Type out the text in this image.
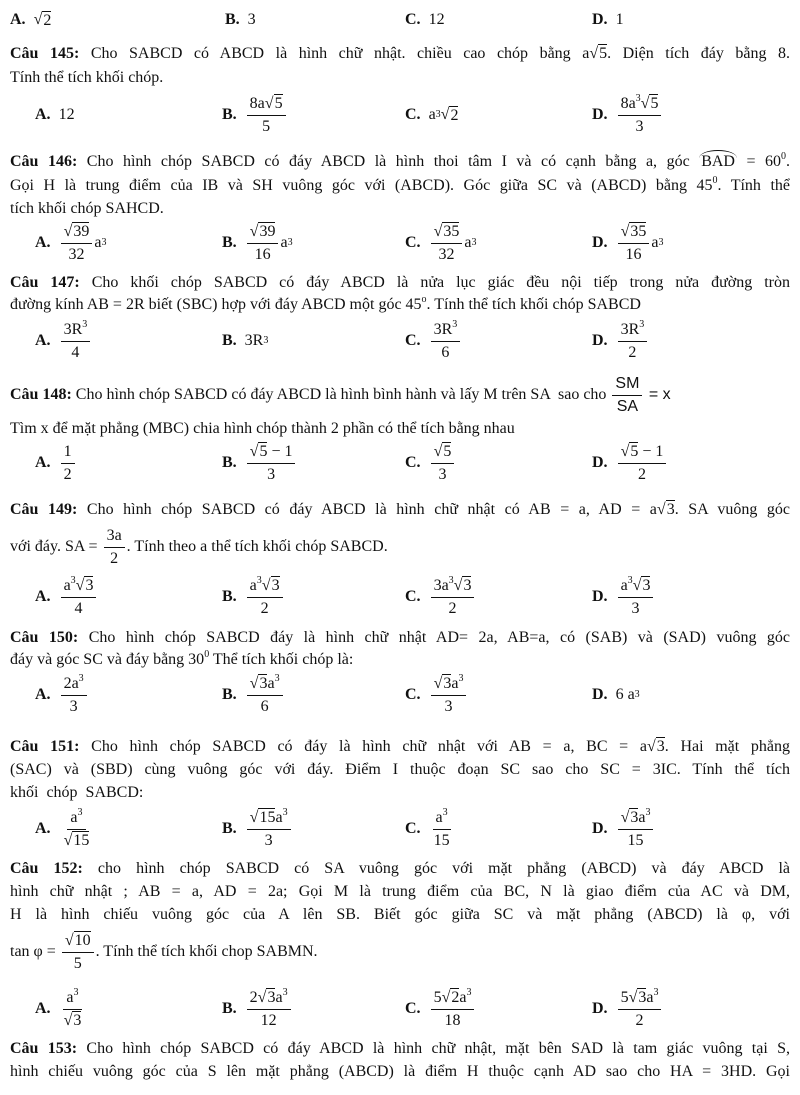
A. √ 2	B. 3	C. 12	D. 1
Câu 145: Cho SABCD có ABCD là hình chữ nhật. chiều cao chóp bằng a√5. Diện tích đáy bằng 8.
Tính thể tích khối chóp.
A. 12	B. $\frac{8a√5}{5}$	C. a 3 √ 2	D. $\frac{8a^3√5}{3}$
Câu 146: Cho hình chóp SABCD có đáy ABCD là hình thoi tâm I và có cạnh bằng a, góc BAD = $60^0$.
Gọi H là trung điểm của IB và SH vuông góc với (ABCD). Góc giữa SC và (ABCD) bằng $45^0$. Tính thể
tích khối chóp SAHCD.
A. $\frac{√39}{32}$ a 3	B. $\frac{√39}{16}$ a 3	C. $\frac{√35}{32}$ a 3	D. $\frac{√35}{16}$ a 3
Câu 147: Cho khối chóp SABCD có đáy ABCD là nửa lục giác đều nội tiếp trong nửa đường tròn
đường kính AB = 2R biết (SBC) hợp với đáy ABCD một góc 45$^o$. Tính thể tích khối chóp SABCD
A. $\frac{3R^3}{4}$	B. 3R 3	C. $\frac{3R^3}{6}$	D. $\frac{3R^3}{2}$
Câu 148: Cho hình chóp SABCD có đáy ABCD là hình bình hành và lấy M trên SA  sao cho $\frac{SM}{SA} = x$
Tìm x để mặt phẳng (MBC) chia hình chóp thành 2 phần có thể tích bằng nhau
A. $\frac{1}{2}$	B. $\frac{√5 - 1}{3}$	C. $\frac{√5}{3}$	D. $\frac{√5 - 1}{2}$
Câu 149: Cho hình chóp SABCD có đáy ABCD là hình chữ nhật có AB = a, AD = a√3. SA vuông góc
với đáy. SA = $\frac{3a}{2}$ . Tính theo a thể tích khối chóp SABCD.
A. $\frac{a^3√3}{4}$	B. $\frac{a^3√3}{2}$	C. $\frac{3a^3√3}{2}$	D. $\frac{a^3√3}{3}$
Câu 150: Cho hình chóp SABCD đáy là hình chữ nhật AD= 2a, AB=a, có (SAB) và (SAD) vuông góc
đáy và góc SC và đáy bằng $30^0$ Thể tích khối chóp là:
A. $\frac{2a^3}{3}$	B. $\frac{√3a^3}{6}$	C. $\frac{√3a^3}{3}$	D. 6 a 3
Câu 151: Cho hình chóp SABCD có đáy là hình chữ nhật với AB = a, BC = a√3. Hai mặt phẳng
(SAC) và (SBD) cùng vuông góc với đáy. Điểm I thuộc đoạn SC sao cho SC = 3IC. Tính thể tích
khối  chóp  SABCD:
A. $\frac{a^3}{√15}$	B. $\frac{√15a^3}{3}$	C. $\frac{a^3}{15}$	D. $\frac{√3a^3}{15}$
Câu 152: cho hình chóp SABCD có SA vuông góc với mặt phẳng (ABCD) và đáy ABCD là
hình chữ nhật ; AB = a, AD = 2a; Gọi M là trung điểm của BC, N là giao điểm của AC và DM,
H là hình chiếu vuông góc của A lên SB. Biết góc giữa SC và mặt phẳng (ABCD) là φ, với
$\tan \varphi = \frac{√10}{5}$ . Tính thể tích khối chop SABMN.
A. $\frac{a^3}{√3}$	B. $\frac{2√3a^3}{12}$	C. $\frac{5√2a^3}{18}$	D. $\frac{5√3a^3}{2}$
Câu 153: Cho hình chóp SABCD có đáy ABCD là hình chữ nhật, mặt bên SAD là tam giác vuông tại S,
hình chiếu vuông góc của S lên mặt phẳng (ABCD) là điểm H thuộc cạnh AD sao cho HA = 3HD. Gọi
